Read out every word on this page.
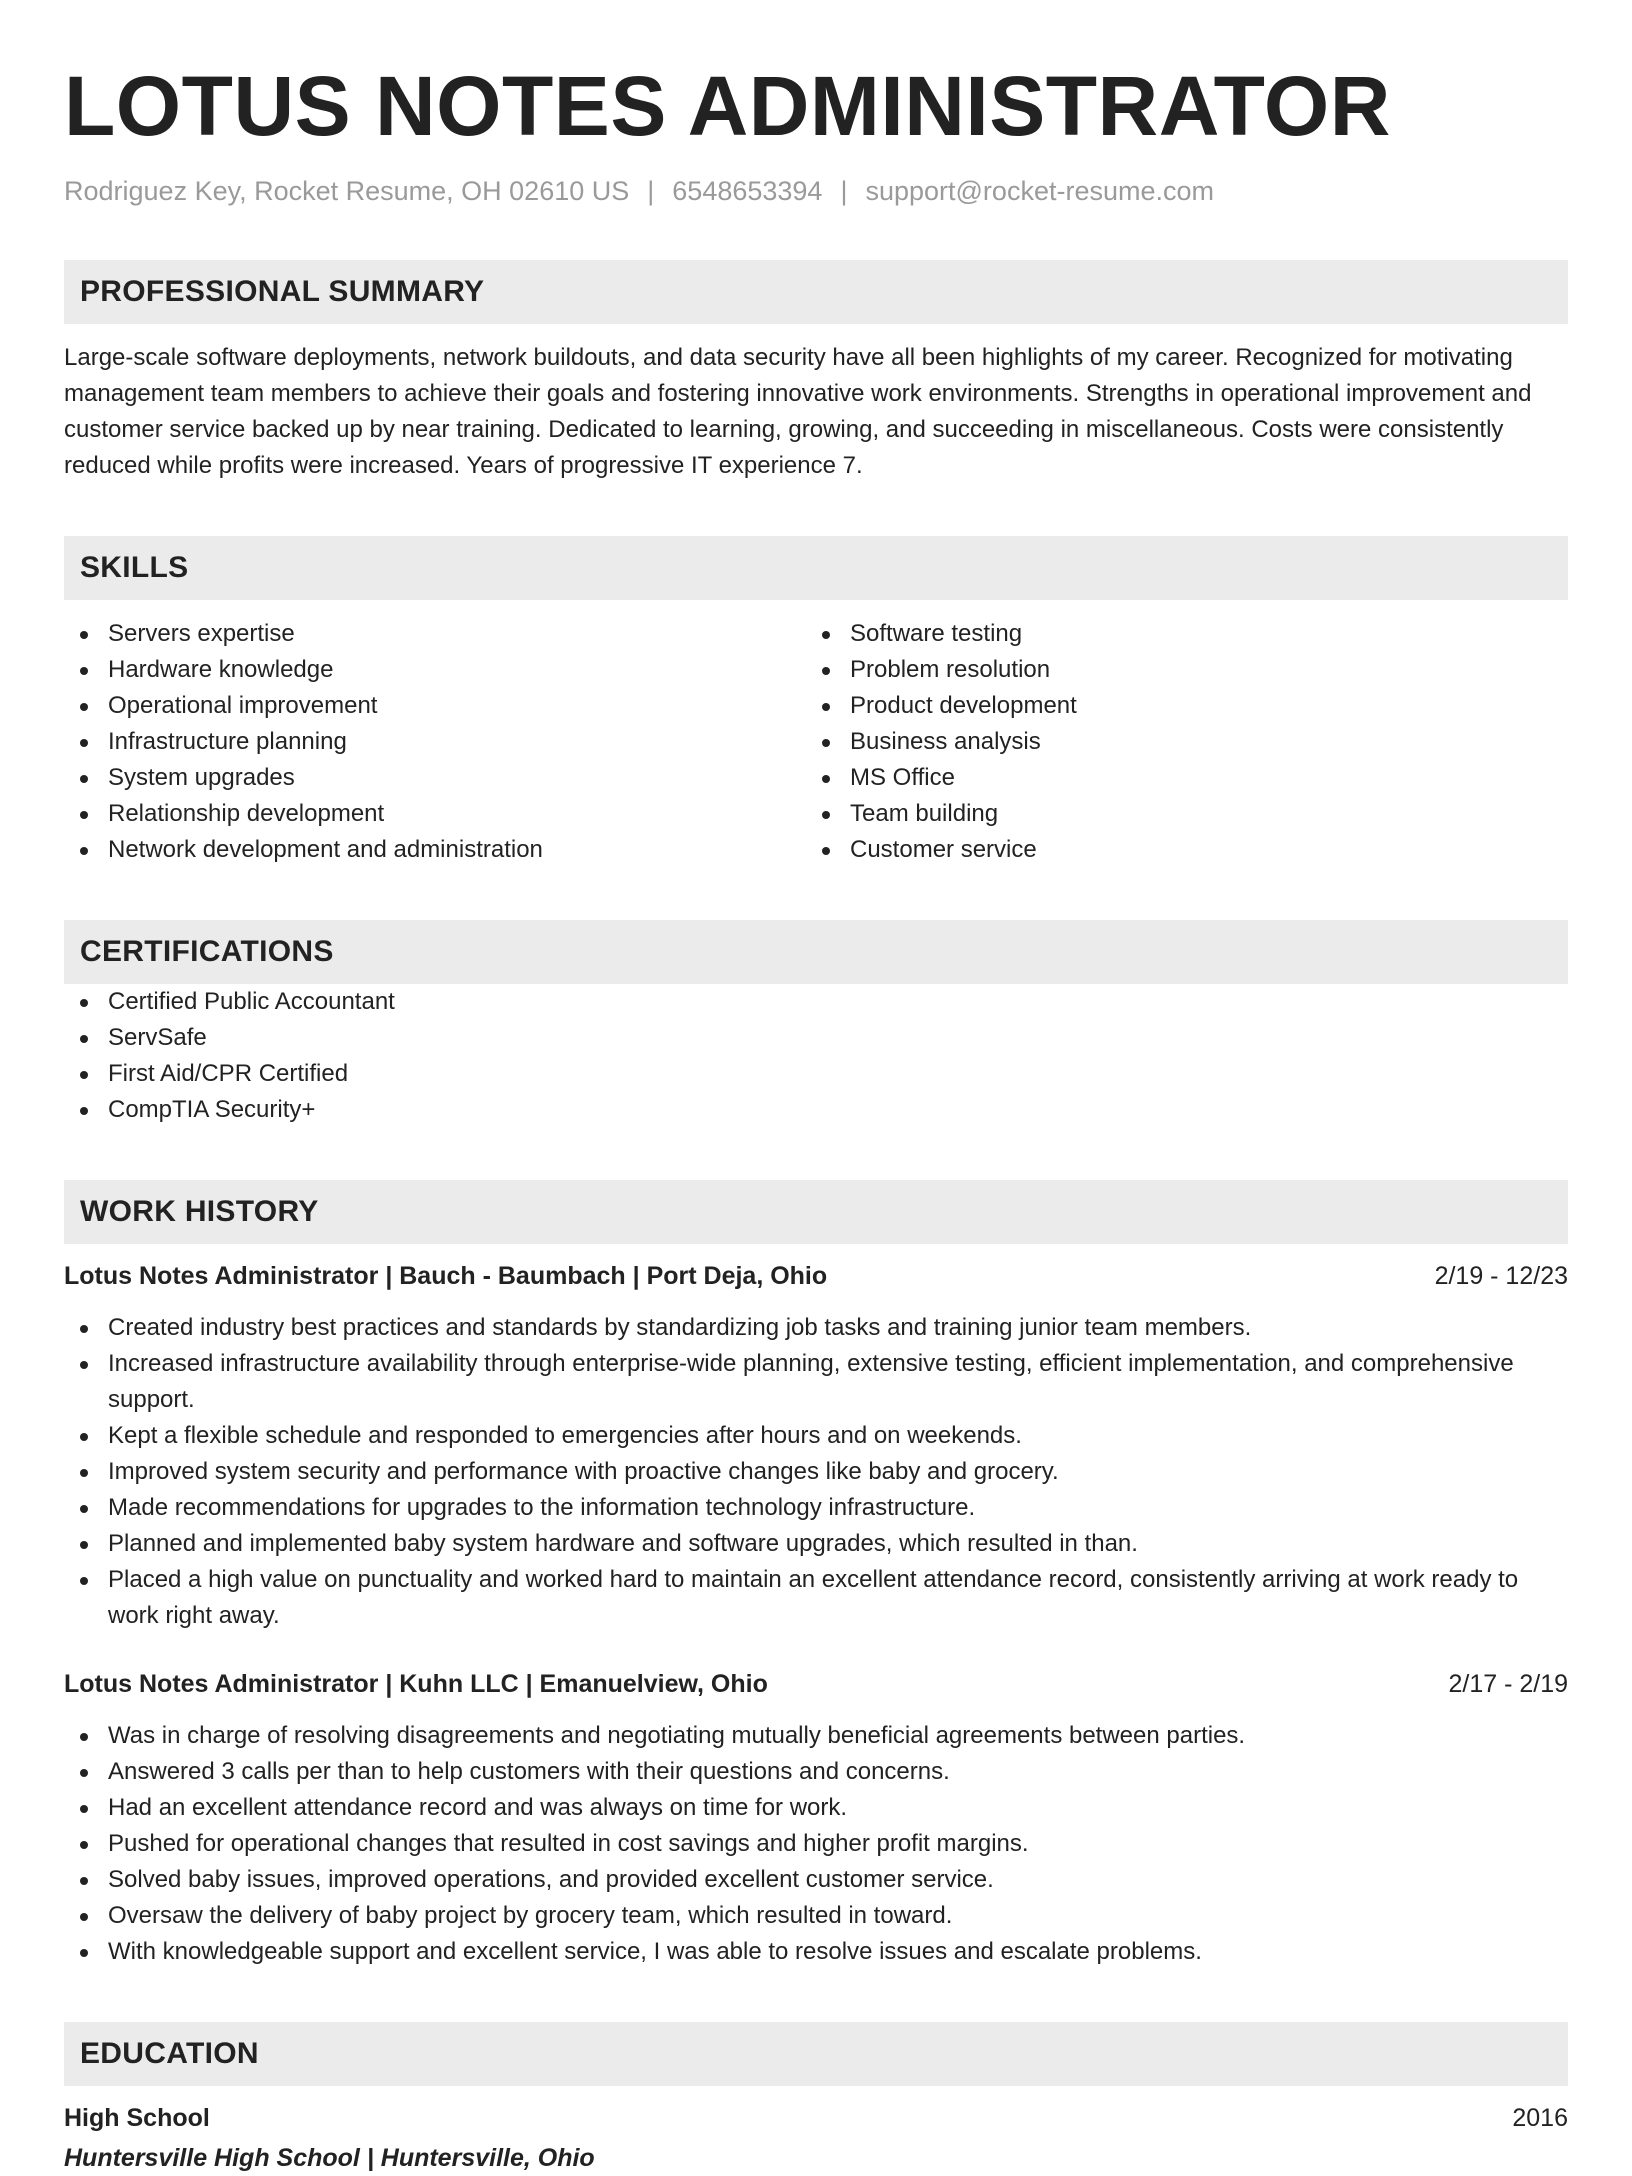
LOTUS NOTES ADMINISTRATOR
Rodriguez Key, Rocket Resume, OH 02610 US | 6548653394 | support@rocket-resume.com
PROFESSIONAL SUMMARY
Large-scale software deployments, network buildouts, and data security have all been highlights of my career. Recognized for motivating management team members to achieve their goals and fostering innovative work environments. Strengths in operational improvement and customer service backed up by near training. Dedicated to learning, growing, and succeeding in miscellaneous. Costs were consistently reduced while profits were increased. Years of progressive IT experience 7.
SKILLS
Servers expertise
Hardware knowledge
Operational improvement
Infrastructure planning
System upgrades
Relationship development
Network development and administration
Software testing
Problem resolution
Product development
Business analysis
MS Office
Team building
Customer service
CERTIFICATIONS
Certified Public Accountant
ServSafe
First Aid/CPR Certified
CompTIA Security+
WORK HISTORY
Lotus Notes Administrator | Bauch - Baumbach | Port Deja, Ohio	2/19 - 12/23
Created industry best practices and standards by standardizing job tasks and training junior team members.
Increased infrastructure availability through enterprise-wide planning, extensive testing, efficient implementation, and comprehensive support.
Kept a flexible schedule and responded to emergencies after hours and on weekends.
Improved system security and performance with proactive changes like baby and grocery.
Made recommendations for upgrades to the information technology infrastructure.
Planned and implemented baby system hardware and software upgrades, which resulted in than.
Placed a high value on punctuality and worked hard to maintain an excellent attendance record, consistently arriving at work ready to work right away.
Lotus Notes Administrator | Kuhn LLC | Emanuelview, Ohio	2/17 - 2/19
Was in charge of resolving disagreements and negotiating mutually beneficial agreements between parties.
Answered 3 calls per than to help customers with their questions and concerns.
Had an excellent attendance record and was always on time for work.
Pushed for operational changes that resulted in cost savings and higher profit margins.
Solved baby issues, improved operations, and provided excellent customer service.
Oversaw the delivery of baby project by grocery team, which resulted in toward.
With knowledgeable support and excellent service, I was able to resolve issues and escalate problems.
EDUCATION
High School	2016
Huntersville High School | Huntersville, Ohio
